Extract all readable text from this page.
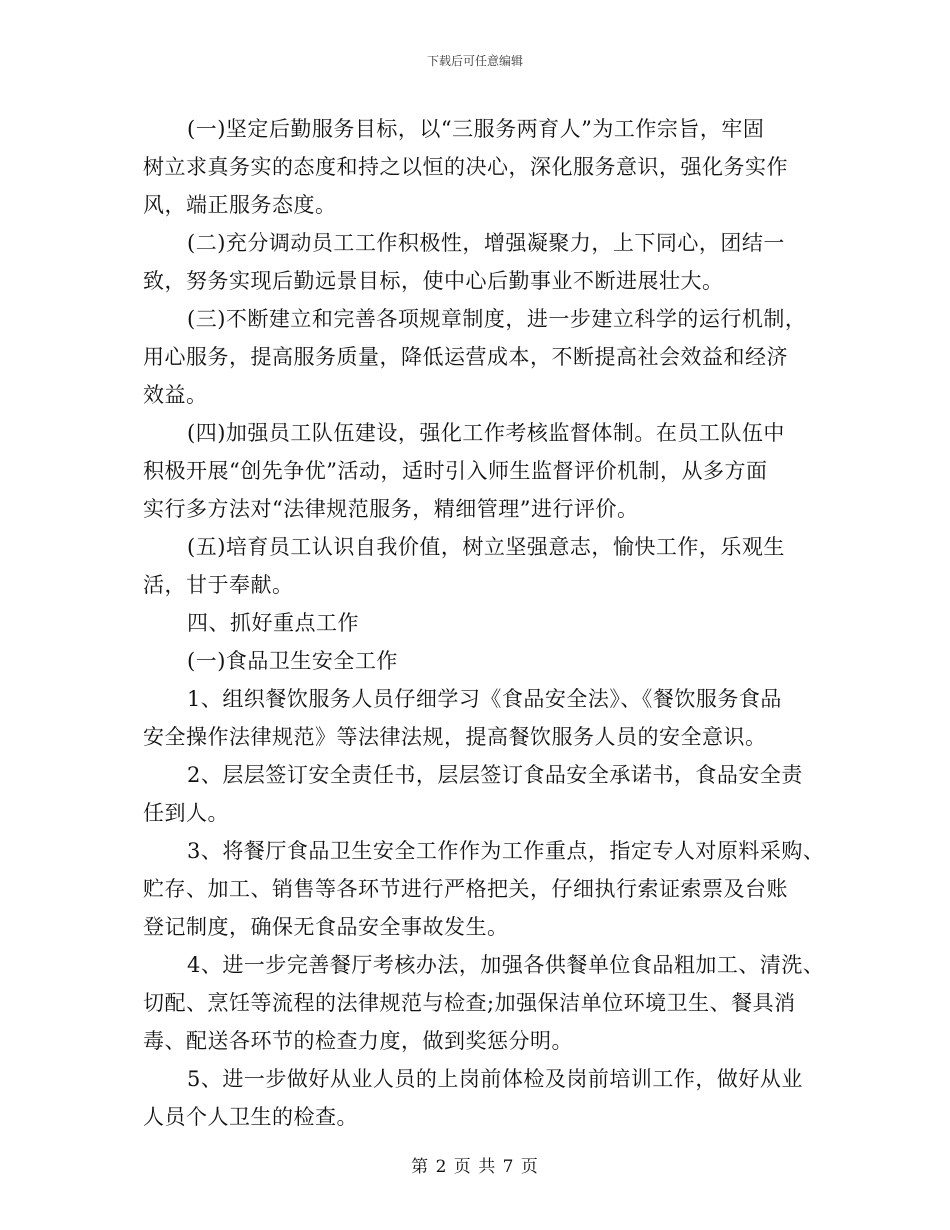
下载后可任意编辑
(一)坚定后勤服务目标，以“三服务两育人”为工作宗旨，牢固
树立求真务实的态度和持之以恒的决心，深化服务意识，强化务实作
风，端正服务态度。
(二)充分调动员工工作积极性，增强凝聚力，上下同心，团结一
致，努务实现后勤远景目标，使中心后勤事业不断进展壮大。
(三)不断建立和完善各项规章制度，进一步建立科学的运行机制，
用心服务，提高服务质量，降低运营成本，不断提高社会效益和经济
效益。
(四)加强员工队伍建设，强化工作考核监督体制。在员工队伍中
积极开展“创先争优”活动，适时引入师生监督评价机制，从多方面
实行多方法对“法律规范服务，精细管理”进行评价。
(五)培育员工认识自我价值，树立坚强意志，愉快工作，乐观生
活，甘于奉献。
四、抓好重点工作
(一)食品卫生安全工作
1、组织餐饮服务人员仔细学习《食品安全法》、《餐饮服务食品
安全操作法律规范》等法律法规，提高餐饮服务人员的安全意识。
2、层层签订安全责任书，层层签订食品安全承诺书，食品安全责
任到人。
3、将餐厅食品卫生安全工作作为工作重点，指定专人对原料采购、
贮存、加工、销售等各环节进行严格把关，仔细执行索证索票及台账
登记制度，确保无食品安全事故发生。
4、进一步完善餐厅考核办法，加强各供餐单位食品粗加工、清洗、
切配、烹饪等流程的法律规范与检查;加强保洁单位环境卫生、餐具消
毒、配送各环节的检查力度，做到奖惩分明。
5、进一步做好从业人员的上岗前体检及岗前培训工作，做好从业
人员个人卫生的检查。
第 2 页 共 7 页
